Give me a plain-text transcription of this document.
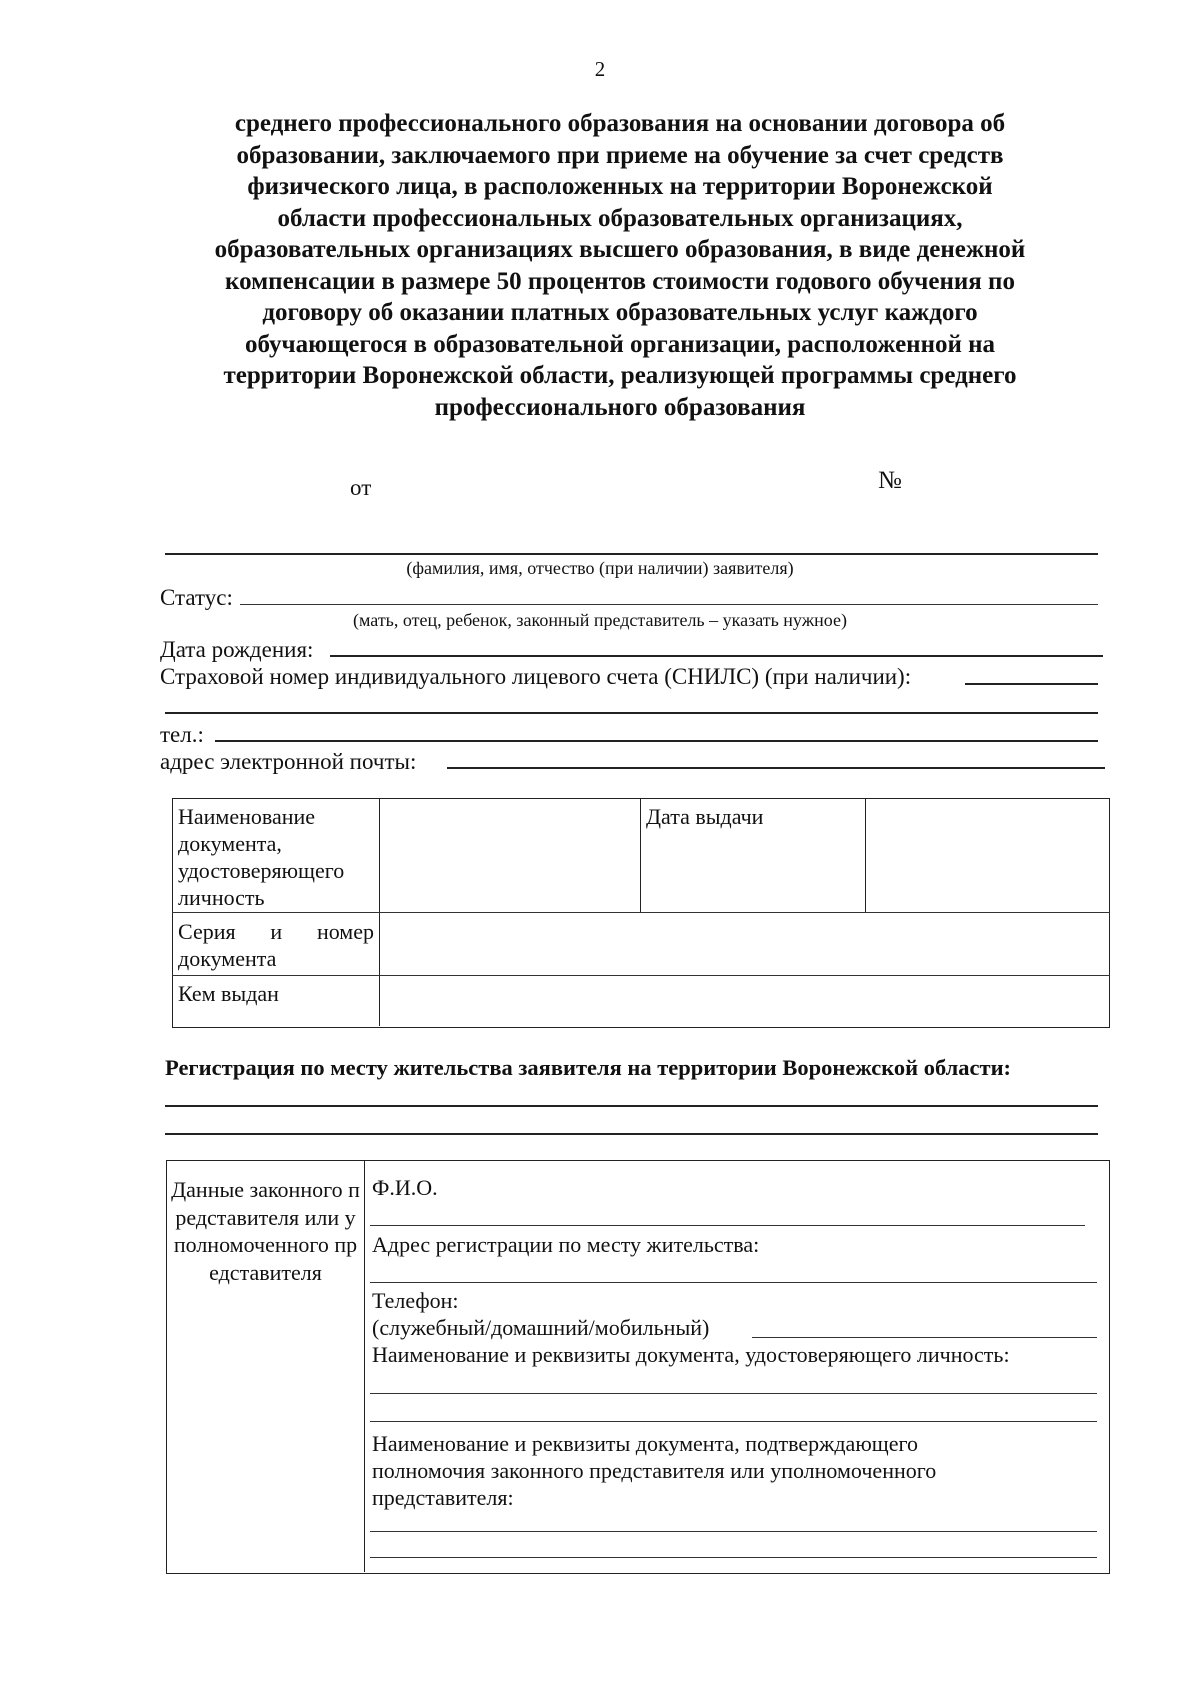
2
среднего профессионального образования на основании договора об
образовании, заключаемого при приеме на обучение за счет средств
физического лица, в расположенных на территории Воронежской
области профессиональных образовательных организациях,
образовательных организациях высшего образования, в виде денежной
компенсации в размере 50 процентов стоимости годового обучения по
договору об оказании платных образовательных услуг каждого
обучающегося в образовательной организации, расположенной на
территории Воронежской области, реализующей программы среднего
профессионального образования
от	№
(фамилия, имя, отчество (при наличии) заявителя)
Статус:
(мать, отец, ребенок, законный представитель – указать нужное)
Дата рождения:
Страховой номер индивидуального лицевого счета (СНИЛС) (при наличии):
тел.:
адрес электронной почты:
Наименование документа, удостоверяющего личность
Дата выдачи
Серия и номер документа
Кем выдан
Регистрация по месту жительства заявителя на территории Воронежской области:
Данные законного представителя или уполномоченного представителя
Ф.И.О.
Адрес регистрации по месту жительства:
Телефон:
(служебный/домашний/мобильный)
Наименование и реквизиты документа, удостоверяющего личность:
Наименование и реквизиты документа, подтверждающего полномочия законного представителя или уполномоченного представителя:
